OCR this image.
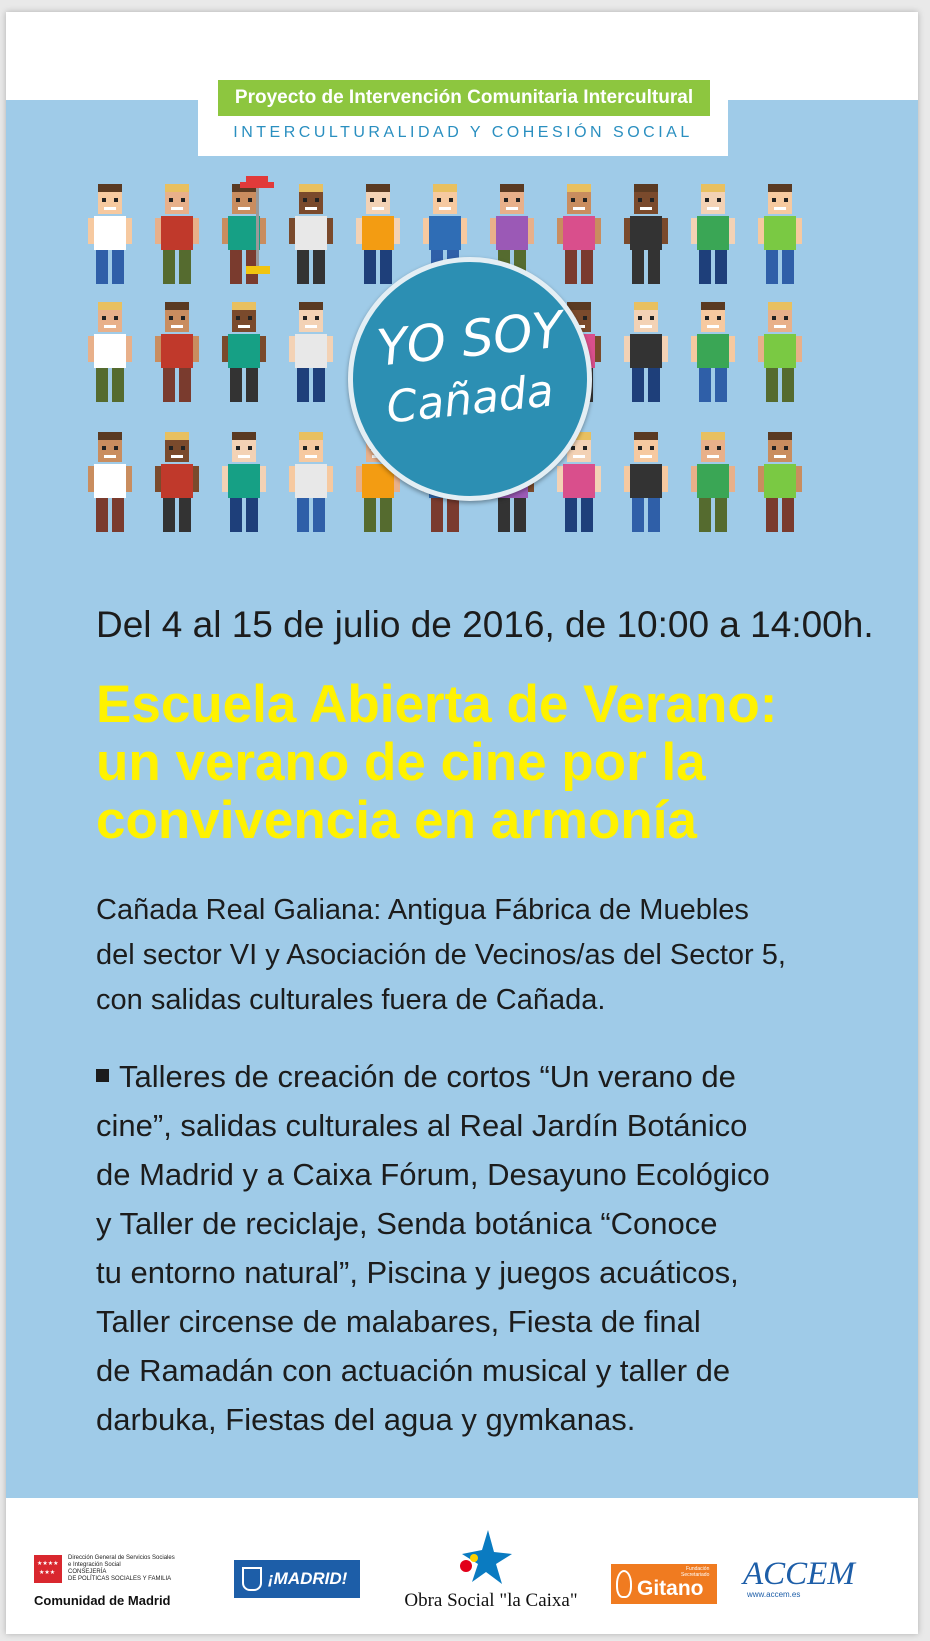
Proyecto de Intervención Comunitaria Intercultural
INTERCULTURALIDAD Y COHESIÓN SOCIAL
YO SOY
Cañada
Del 4 al 15 de julio de 2016, de 10:00 a 14:00h.
Escuela Abierta de Verano:
un verano de cine por la
convivencia en armonía
Cañada Real Galiana: Antigua Fábrica de Muebles
del sector VI y Asociación de Vecinos/as del Sector 5,
con salidas culturales fuera de Cañada.
Talleres de creación de cortos “Un verano de
cine”, salidas culturales al Real Jardín Botánico
de Madrid y a Caixa Fórum, Desayuno Ecológico
y Taller de reciclaje, Senda botánica “Conoce
tu entorno natural”, Piscina y juegos acuáticos,
Taller circense de malabares, Fiesta de final
de Ramadán con actuación musical y taller de
darbuka, Fiestas del agua y gymkanas.
★★★★
★★★
Dirección General de Servicios Sociales
e Integración Social
CONSEJERÍA
DE POLÍTICAS SOCIALES Y FAMILIA
Comunidad de Madrid
¡MADRID!
Obra Social "la Caixa"
Fundación
Secretariado
Gitano ACCEM
www.accem.es
